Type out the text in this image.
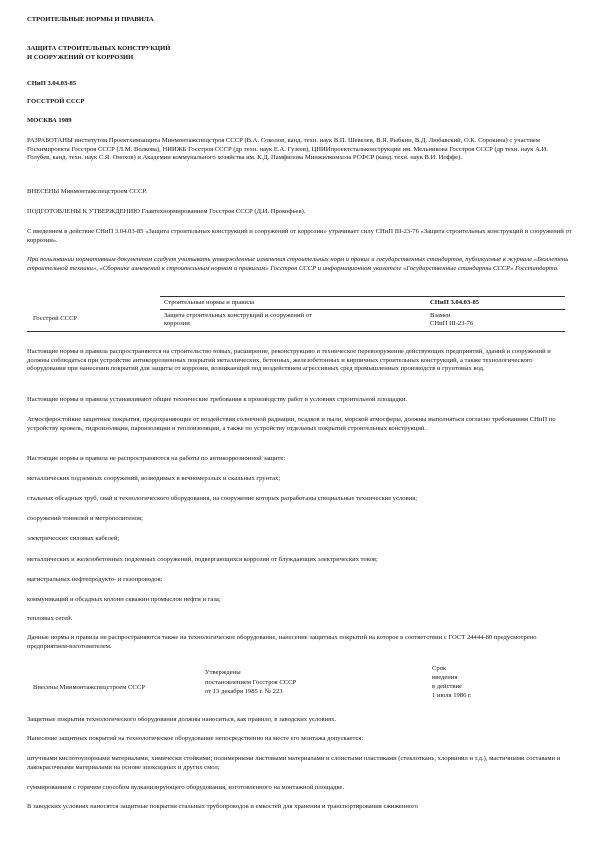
СТРОИТЕЛЬНЫЕ НОРМЫ И ПРАВИЛА

ЗАЩИТА СТРОИТЕЛЬНЫХ КОНСТРУКЦИЙ

И СООРУЖЕНИЙ ОТ КОРРОЗИИ

СНиП 3.04.03-85

ГОССТРОЙ СССР

МОСКВА 1989

РАЗРАБОТАНЫ институтом Проектхимзащита Минмонтажспецстроя СССР (В.А. Соколов, канд. техн. наук В.П. Шевелев, В.Я. Рыбкин, В.Д. Любавский, О.К. Сорокина) с участием Госхимпроекта Госстроя СССР (Л.М. Волкова), НИИЖБ Госстроя СССР (др техн. наук Е.А. Гузеев), ЦНИИпроектстальконструкции им. Мельникова Госстроя СССР (др техн. наук А.И. Голубев, канд. техн. наук С.Я. Онохов) и Академии коммунального хозяйства им. К.Д. Памфилова Минжилкомхоза РСФСР (канд. техн. наук В.И. Иоффе).

ВНЕСЕНЫ Минмонтажспецстроем СССР.

ПОДГОТОВЛЕНЫ К УТВЕРЖДЕНИЮ Главтехнормированием Госстроя СССР (Д.И. Прокофьев).

С введением в действие СНиП 3.04.03-85 «Защита строительных конструкций и сооружений от коррозии» утрачивает силу СНиП III-23-76 «Защита строительных конструкций и сооружений от коррозии».

При пользовании нормативным документом следует учитывать утвержденные изменения строительных норм и правил и государственных стандартов, публикуемые в журнале «Бюллетень строительной техники», «Сборнике изменений к строительным нормам и правилам» Госстроя СССР и информационном указателе «Государственные стандарты СССР» Госстандарта.

Строительные нормы и правила	СНиП 3.04.03-85

Госстрой СССР	Защита строительных конструкций и сооружений от

коррозии

Взамен

СНиП III-23-76

Настоящие нормы и правила распространяются на строительство новых, расширение, реконструкцию и техническое перевооружение действующих предприятий, зданий и сооружений и должны соблюдаться при устройстве антикоррозионных покрытий металлических, бетонных, железобетонных и кирпичных строительных конструкций, а также технологического оборудования при нанесении покрытий для защиты от коррозии, возникающей под воздействием агрессивных сред промышленных производств и грунтовых вод.

Настоящие нормы и правила устанавливают общие технические требования к производству работ в условиях строительной площадки.

Атмосферостойкие защитные покрытия, предохраняющие от воздействия солнечной радиации, осадков и пыли, морской атмосферы, должны выполняться согласно требованиям СНиП по устройству кровель, гидроизоляции, пароизоляции и теплоизоляции, а также по устройству отдельных покрытий строительных конструкций.

Настоящие нормы и правила не распространяются на работы по антикоррозионной защите:

металлических подземных сооружений, возводимых в вечномерзлых и скальных грунтах;

стальных обсадных труб, свай и технологического оборудования, на сооружение которых разработаны специальные технические условия;

сооружений тоннелей и метрополитенов;

электрических силовых кабелей;

металлических и железобетонных подземных сооружений, подвергающихся коррозии от блуждающих электрических токов;

магистральных нефтепродукто- и газопроводов;

коммуникаций и обсадных колонн скважин промыслов нефти и газа;

тепловых сетей.

Данные нормы и правила не распространяются также на технологическое оборудование, нанесение защитных покрытий на которое в соответствии с ГОСТ 24444-80 предусмотрено предприятием-изготовителем.

Внесены Минмонтажспецстроем СССР

Утверждены

постановлением Госстроя СССР

от 13 декабря 1985 г. № 223

Срок

введения

в действие

1 июля 1986 г.

Защитные покрытия технологического оборудования должны наноситься, как правило, в заводских условиях.

Нанесение защитных покрытий на технологическое оборудование непосредственно на месте его монтажа допускается:

штучными кислотоупорными материалами, химически стойкими; полимерными листовыми материалами и слоистыми пластиками (стеклоткань, хлорвинил и т.д.), мастичными составами и лакокрасочными материалами на основе эпоксидных и других смол;

гуммированием с горячим способом вулканизирующего оборудования, изготовленного на монтажной площадке.

В заводских условиях наносятся защитные покрытия стальных трубопроводов и емкостей для хранения и транспортирования сжиженного
